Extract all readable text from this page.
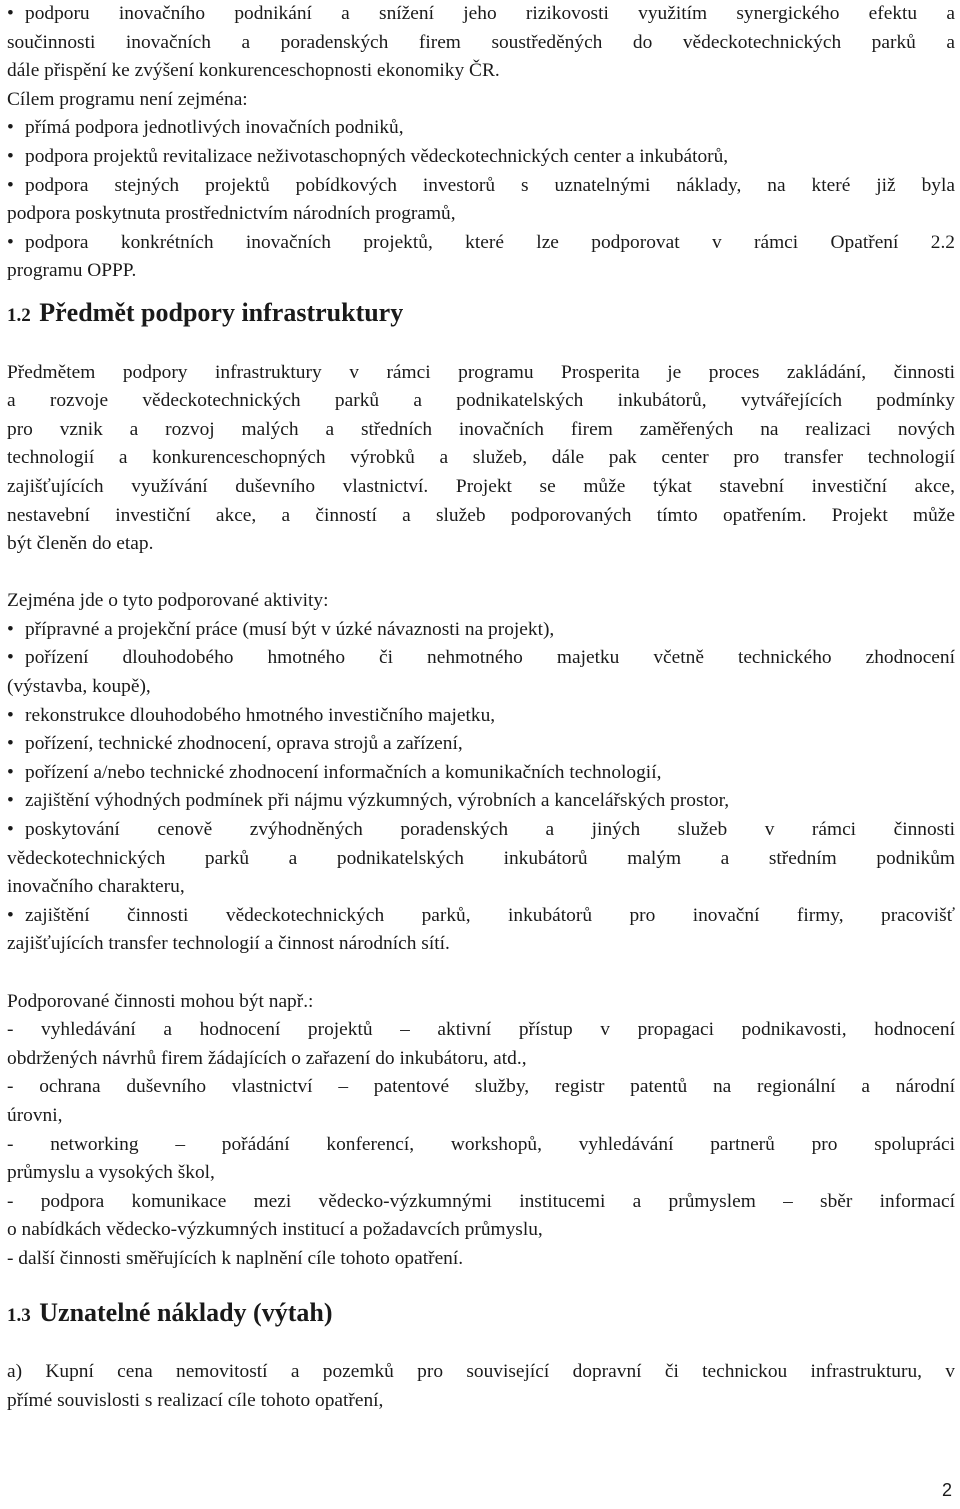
• podporu inovačního podnikání a snížení jeho rizikovosti využitím synergického efektu a
součinnosti inovačních a poradenských firem soustředěných do vědeckotechnických parků a
dále přispění ke zvýšení konkurenceschopnosti ekonomiky ČR.
Cílem programu není zejména:
• přímá podpora jednotlivých inovačních podniků,
• podpora projektů revitalizace neživotaschopných vědeckotechnických center a inkubátorů,
• podpora stejných projektů pobídkových investorů s uznatelnými náklady, na které již byla
podpora poskytnuta prostřednictvím národních programů,
• podpora konkrétních inovačních projektů, které lze podporovat v rámci Opatření 2.2
programu OPPP.
1.2 Předmět podpory infrastruktury
Předmětem podpory infrastruktury v rámci programu Prosperita je proces zakládání, činnosti
a rozvoje vědeckotechnických parků a podnikatelských inkubátorů, vytvářejících podmínky
pro vznik a rozvoj malých a středních inovačních firem zaměřených na realizaci nových
technologií a konkurenceschopných výrobků a služeb, dále pak center pro transfer technologií
zajišťujících využívání duševního vlastnictví. Projekt se může týkat stavební investiční akce,
nestavební investiční akce, a činností a služeb podporovaných tímto opatřením. Projekt může
být členěn do etap.
Zejména jde o tyto podporované aktivity:
• přípravné a projekční práce (musí být v úzké návaznosti na projekt),
• pořízení dlouhodobého hmotného či nehmotného majetku včetně technického zhodnocení
(výstavba, koupě),
• rekonstrukce dlouhodobého hmotného investičního majetku,
• pořízení, technické zhodnocení, oprava strojů a zařízení,
• pořízení a/nebo technické zhodnocení informačních a komunikačních technologií,
• zajištění výhodných podmínek při nájmu výzkumných, výrobních a kancelářských prostor,
• poskytování cenově zvýhodněných poradenských a jiných služeb v rámci činnosti
vědeckotechnických parků a podnikatelských inkubátorů malým a středním podnikům
inovačního charakteru,
• zajištění činnosti vědeckotechnických parků, inkubátorů pro inovační firmy, pracovišť
zajišťujících transfer technologií a činnost národních sítí.
Podporované činnosti mohou být např.:
- vyhledávání a hodnocení projektů – aktivní přístup v propagaci podnikavosti, hodnocení
obdržených návrhů firem žádajících o zařazení do inkubátoru, atd.,
- ochrana duševního vlastnictví – patentové služby, registr patentů na regionální a národní
úrovni,
- networking – pořádání konferencí, workshopů, vyhledávání partnerů pro spolupráci
průmyslu a vysokých škol,
- podpora komunikace mezi vědecko-výzkumnými institucemi a průmyslem – sběr informací
o nabídkách vědecko-výzkumných institucí a požadavcích průmyslu,
- další činnosti směřujících k naplnění cíle tohoto opatření.
1.3 Uznatelné náklady (výtah)
a) Kupní cena nemovitostí a pozemků pro související dopravní či technickou infrastrukturu, v
přímé souvislosti s realizací cíle tohoto opatření,
2
